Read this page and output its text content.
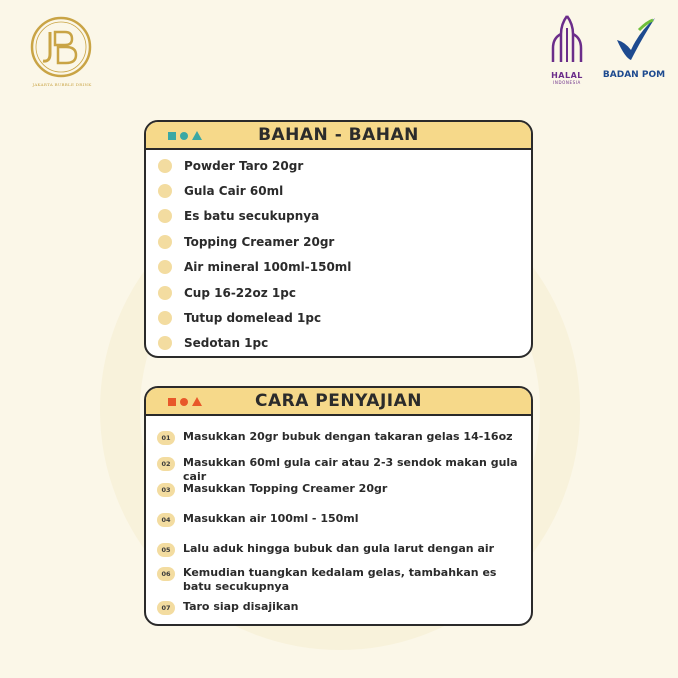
JAKARTA BUBBLE DRINK
HALAL
INDONESIA
BADAN POM
BAHAN - BAHAN
Powder Taro 20gr
Gula Cair 60ml
Es batu secukupnya
Topping Creamer 20gr
Air mineral 100ml-150ml
Cup 16-22oz 1pc
Tutup domelead 1pc
Sedotan 1pc
CARA PENYAJIAN
01	Masukkan 20gr bubuk dengan takaran gelas 14-16oz
02	Masukkan 60ml gula cair atau 2-3 sendok makan gula cair
03	Masukkan Topping Creamer 20gr
04	Masukkan air 100ml - 150ml
05	Lalu aduk hingga bubuk dan gula larut dengan air
06	Kemudian tuangkan kedalam gelas, tambahkan es batu secukupnya
07	Taro siap disajikan
